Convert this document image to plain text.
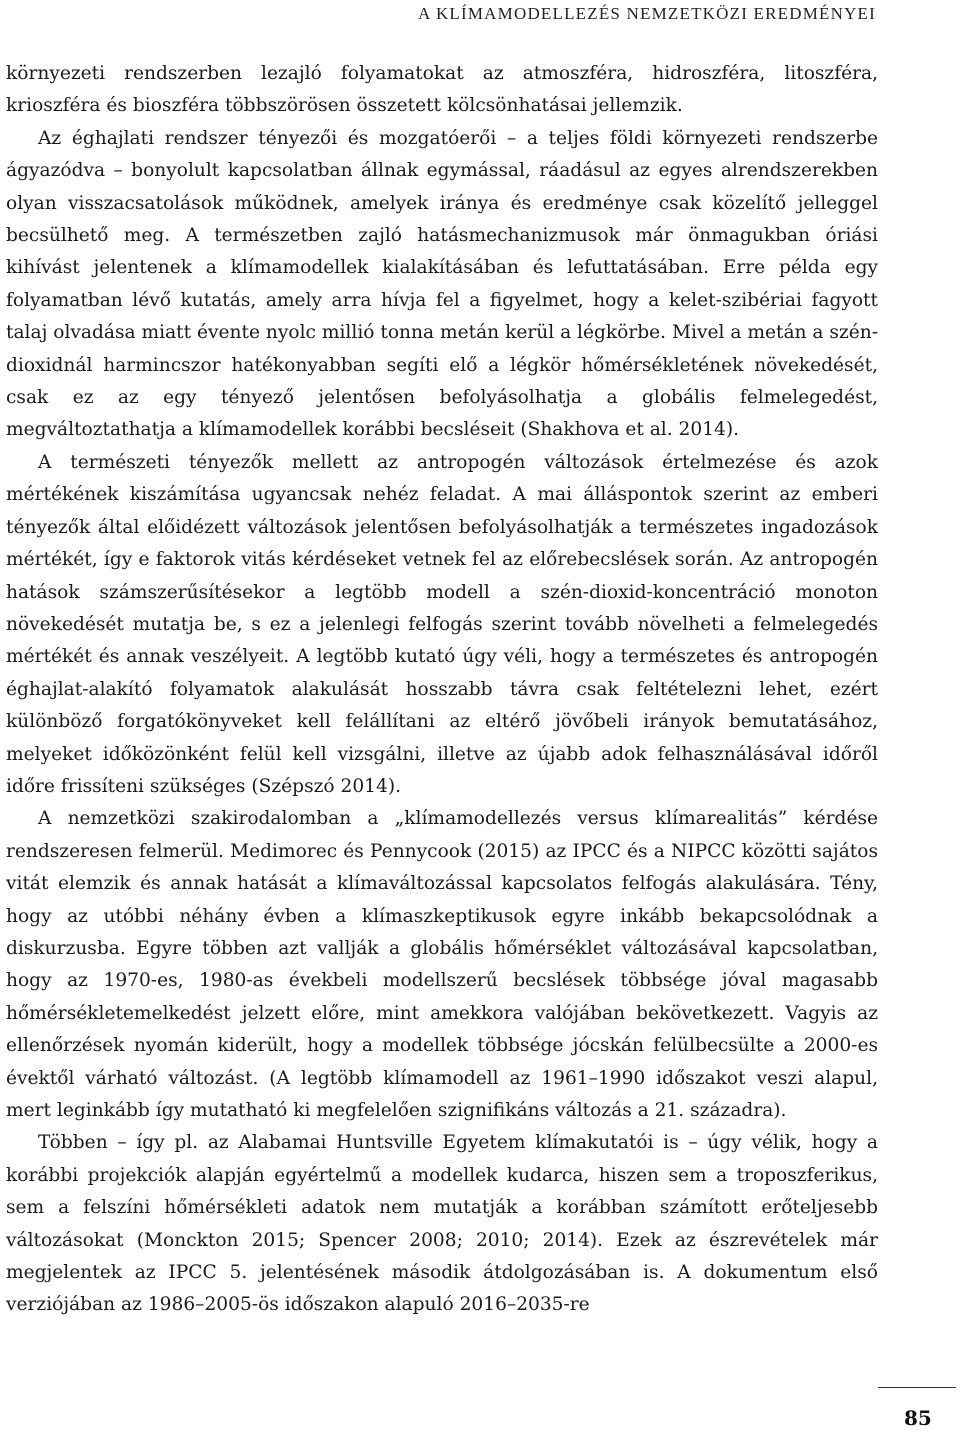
A KLÍMAMODELLEZÉS NEMZETKÖZI EREDMÉNYEI

környezeti rendszerben lezajló folyamatokat az atmoszféra, hidroszféra, litoszféra, krioszféra és bioszféra többszörösen összetett kölcsönhatásai jellemzik.

Az éghajlati rendszer tényezői és mozgatóerői – a teljes földi környezeti rendszerbe ágyazódva – bonyolult kapcsolatban állnak egymással, ráadásul az egyes alrendszerekben olyan visszacsatolások működnek, amelyek iránya és eredménye csak közelítő jelleggel becsülhető meg. A természetben zajló hatásmechanizmusok már önmagukban óriási kihívást jelentenek a klímamodellek kialakításában és lefuttatásában. Erre példa egy folyamatban lévő kutatás, amely arra hívja fel a figyelmet, hogy a kelet-szibériai fagyott talaj olvadása miatt évente nyolc millió tonna metán kerül a légkörbe. Mivel a metán a szén-dioxidnál harmincszor hatékonyabban segíti elő a légkör hőmérsékletének növekedését, csak ez az egy tényező jelentősen befolyásolhatja a globális felmelegedést, megváltoztathatja a klímamodellek korábbi becsléseit (Shakhova et al. 2014).

A természeti tényezők mellett az antropogén változások értelmezése és azok mértékének kiszámítása ugyancsak nehéz feladat. A mai álláspontok szerint az emberi tényezők által előidézett változások jelentősen befolyásolhatják a természetes ingadozások mértékét, így e faktorok vitás kérdéseket vetnek fel az előrebecslések során. Az antropogén hatások számszerűsítésekor a legtöbb modell a szén-dioxid-koncentráció monoton növekedését mutatja be, s ez a jelenlegi felfogás szerint tovább növelheti a felmelegedés mértékét és annak veszélyeit. A legtöbb kutató úgy véli, hogy a természetes és antropogén éghajlat-alakító folyamatok alakulását hosszabb távra csak feltételezni lehet, ezért különböző forgatókönyveket kell felállítani az eltérő jövőbeli irányok bemutatásához, melyeket időközönként felül kell vizsgálni, illetve az újabb adok felhasználásával időről időre frissíteni szükséges (Szépszó 2014).

A nemzetközi szakirodalomban a „klímamodellezés versus klímarealitás” kérdése rendszeresen felmerül. Medimorec és Pennycook (2015) az IPCC és a NIPCC közötti sajátos vitát elemzik és annak hatását a klímaváltozással kapcsolatos felfogás alakulására. Tény, hogy az utóbbi néhány évben a klímaszkeptikusok egyre inkább bekapcsolódnak a diskurzusba. Egyre többen azt vallják a globális hőmérséklet változásával kapcsolatban, hogy az 1970-es, 1980-as évekbeli modellszerű becslések többsége jóval magasabb hőmérsékletemelkedést jelzett előre, mint amekkora valójában bekövetkezett. Vagyis az ellenőrzések nyomán kiderült, hogy a modellek többsége jócskán felülbecsülte a 2000-es évektől várható változást. (A legtöbb klímamodell az 1961–1990 időszakot veszi alapul, mert leginkább így mutatható ki megfelelően szignifikáns változás a 21. századra).

Többen – így pl. az Alabamai Huntsville Egyetem klímakutatói is – úgy vélik, hogy a korábbi projekciók alapján egyértelmű a modellek kudarca, hiszen sem a troposzferikus, sem a felszíni hőmérsékleti adatok nem mutatják a korábban számított erőteljesebb változásokat (Monckton 2015; Spencer 2008; 2010; 2014). Ezek az észrevételek már megjelentek az IPCC 5. jelentésének második átdolgozásában is. A dokumentum első verziójában az 1986–2005-ös időszakon alapuló 2016–2035-re

85
